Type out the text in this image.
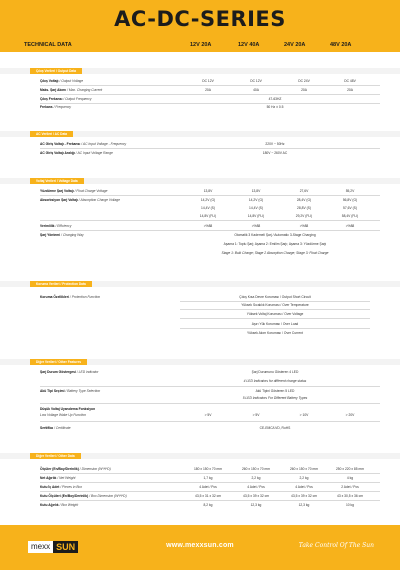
AC-DC-SERIES
TECHNICAL DATA	12V 20A	12V 40A	24V 20A	48V 20A
Çıkış Verileri / Output Data
Çıkış Voltajı / Output Voltage	DC 12V	DC 12V	DC 24V	DC 48V
Maks. Şarj Akımı / Max. Charging Current	20A	40A	20A	20A
Çıkış Frekansı / Output Frequency	47-63HZ
Frekans / Frequency	50 Hz ± 0.5
AC Verileri / AC Data
AC Giriş Voltajı - Frekansı / AC Input Voltage - Frequency	220V ~ 50Hz
AC Giriş Voltajı Aralığı / AC Input Voltage Range	180V ~ 260V AC
Voltaj Verileri / Voltage Data
Yüzdürme Şarj Voltajı / Float Charge Voltage	13,8V	13,8V	27,6V	55,2V
Absorbsiyon Şarj Voltajı / Absorption Charge Voltage	14,2V (G)	14,2V (G)	28,4V (G)	56,8V (G)
14,4V (S)	14,4V (S)	28,8V (S)	57,6V (S)
14,8V (FLI)	14,8V (FLI)	29,2V (FLI)	58,4V (FLI)
Verimlilik / Efficiency	>%88	>%88	>%88	>%88
Şarj Yöntemi / Charging Way	Otomatik 3 Kademeli Şarj / Automatic 3-Stage Charging
Aşama 1: Toplu Şarj; Aşama 2: Emilim Şarjı; Aşama 3: Yüzdürme Şarjı
Stage 1: Bulk Charge; Stage 2 Absorption Charge; Stage 3: Float Charge
Koruma Verileri / Protection Data
Koruma Özellikleri / Protection Function	Çıkış Kısa Devre Koruması / Output Short Circuit
Yüksek Sıcaklık Koruması / Over Temperature
Yüksek Voltaj Koruması / Over Voltage
Aşırı Yük Koruması / Over Load
Yüksek Akım Koruması / Over Current
Diğer Verileri / Other Features
Şarj Durum Göstergesi / LED indicator	Şarj Durumunu Gösteren 4 LED
4 LED Indicators for different charge status
Akü Tipi Seçimi / Battery Type Selection	Akü Tipini Gösteren 5 LED
5 LED Indicators For Different Battery Types
Düşük Voltaj Uyandırma Fonksiyon
Low Voltage Wake Up Function	> 5V	> 5V	> 10V	> 20V
Sertifika / Certificate	CE-EMC/LVD, RoHS
Diğer Verileri / Other Data
Ölçüler (En/Boy/Derinlik) / Dimension (W*H*D)	180 x 150 x 70 mm	260 x 150 x 70 mm	260 x 150 x 70 mm	250 x 220 x 85 mm
Net Ağırlık / Net Weight	1,7 kg	2,2 kg	2,2 kg	4 kg
Kutu İç Adet / Pieces in Box	4 Adet / Pcs	4 Adet / Pcs	4 Adet / Pcs	2 Adet / Pcs
Kutu Ölçüleri (En/Boy/Derinlik) / Box Dimension (W*H*D)	43,5 x 31 x 32 cm	43,5 x 39 x 32 cm	43,5 x 39 x 32 cm	43 x 30,5 x 36 cm
Kutu Ağırlık / Box Weight	8,2 kg	12,3 kg	12,3 kg	10 kg
mexx SUN	www.mexxsun.com	Take Control Of The Sun
